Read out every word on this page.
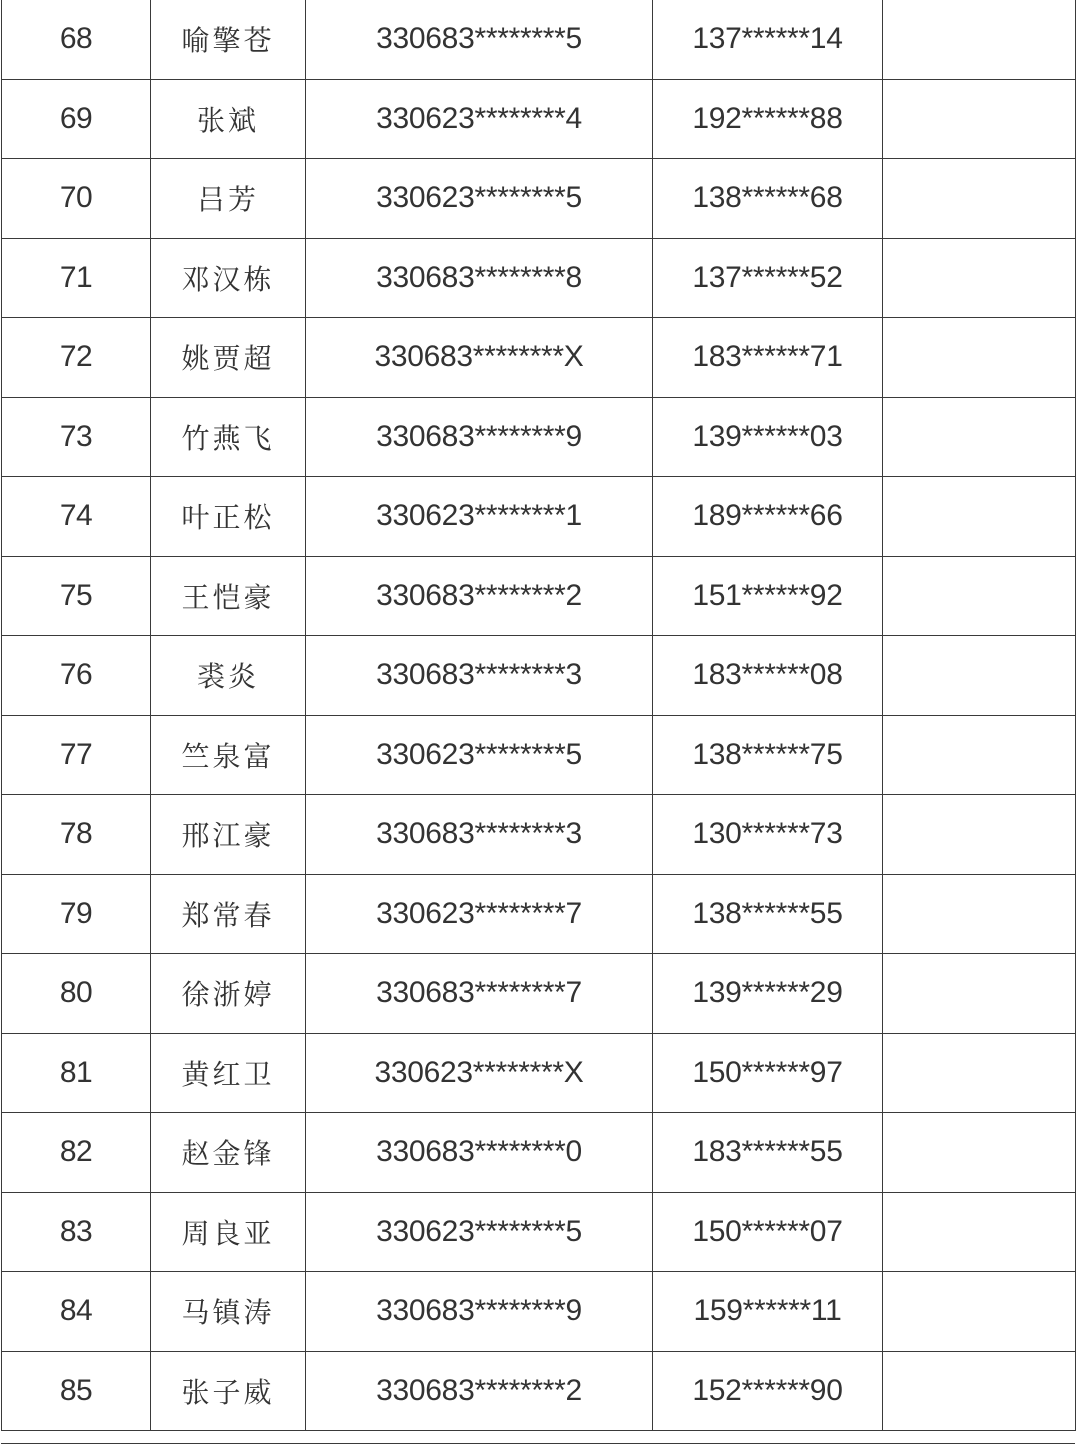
68	喻擎苍	330683********5	137******14	
69	张斌	330623********4	192******88	
70	吕芳	330623********5	138******68	
71	邓汉栋	330683********8	137******52	
72	姚贾超	330683********X	183******71	
73	竹燕飞	330683********9	139******03	
74	叶正松	330623********1	189******66	
75	王恺豪	330683********2	151******92	
76	裘炎	330683********3	183******08	
77	竺泉富	330623********5	138******75	
78	邢江豪	330683********3	130******73	
79	郑常春	330623********7	138******55	
80	徐浙婷	330683********7	139******29	
81	黄红卫	330623********X	150******97	
82	赵金锋	330683********0	183******55	
83	周良亚	330623********5	150******07	
84	马镇涛	330683********9	159******11	
85	张子威	330683********2	152******90	
